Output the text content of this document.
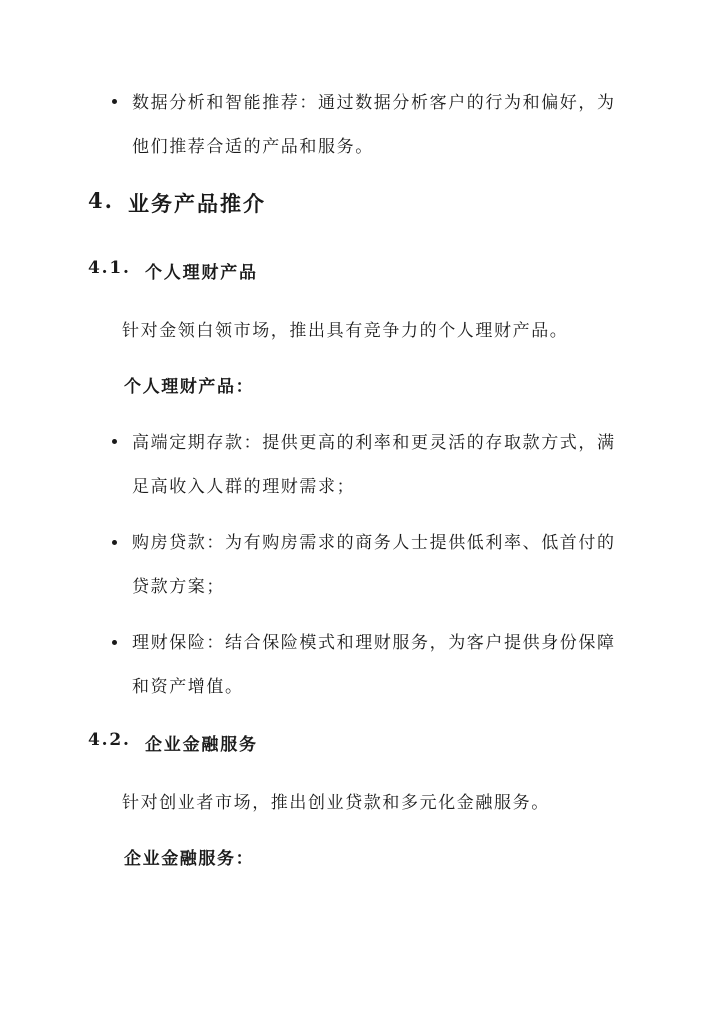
数据分析和智能推荐：通过数据分析客户的行为和偏好，为
他们推荐合适的产品和服务。
4. 业务产品推介
4.1. 个人理财产品
针对金领白领市场，推出具有竞争力的个人理财产品。
个人理财产品：
高端定期存款：提供更高的利率和更灵活的存取款方式，满
足高收入人群的理财需求；
购房贷款：为有购房需求的商务人士提供低利率、低首付的
贷款方案；
理财保险：结合保险模式和理财服务，为客户提供身份保障
和资产增值。
4.2. 企业金融服务
针对创业者市场，推出创业贷款和多元化金融服务。
企业金融服务：
